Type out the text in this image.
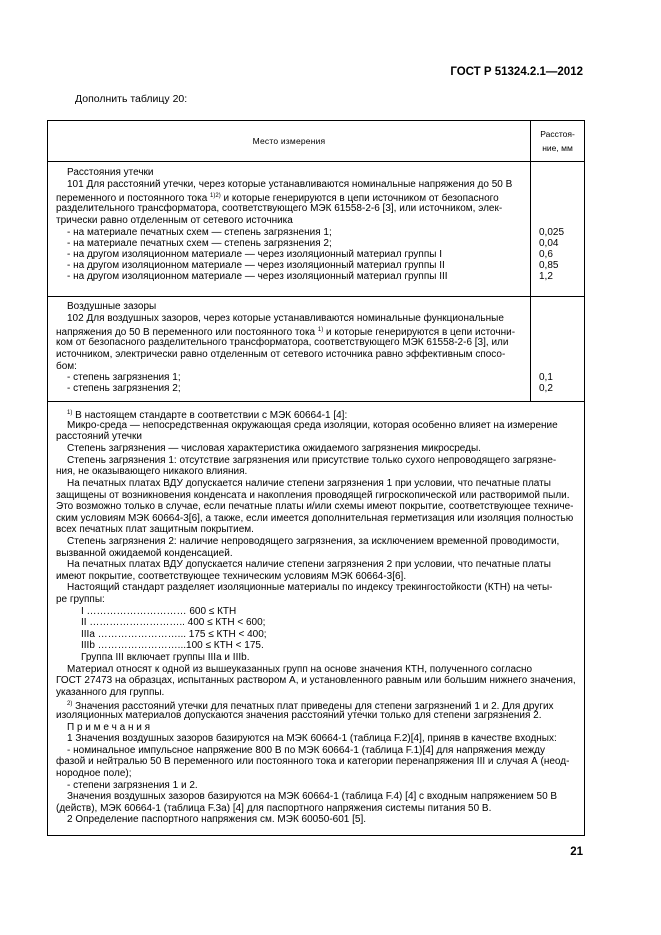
ГОСТ Р 51324.2.1—2012
Дополнить таблицу 20:
Место измерения
Расстоя-
ние, мм
Расстояния утечки
101 Для расстояний утечки, через которые устанавливаются номинальные напряжения до 50 В
переменного и постоянного тока $^{1)2)}$ и которые генерируются в цепи источником от безопасного
разделительного трансформатора, соответствующего МЭК 61558-2-6 [3], или источником, элек-
трически равно отделенным от сетевого источника
- на материале печатных схем — степень загрязнения 1;
- на материале печатных схем — степень загрязнения 2;
- на другом изоляционном материале — через изоляционный материал группы I
- на другом изоляционном материале — через изоляционный материал группы II
- на другом изоляционном материале — через изоляционный материал группы III
0,025
0,04
0,6
0,85
1,2
Воздушные зазоры
102 Для воздушных зазоров, через которые устанавливаются номинальные функциональные
напряжения до 50 В переменного или постоянного тока $^{1)}$ и которые генерируются в цепи источни-
ком от безопасного разделительного трансформатора, соответствующего МЭК 61558-2-6 [3], или
источником, электрически равно отделенным от сетевого источника равно эффективным спосо-
бом:
- степень загрязнения 1;
- степень загрязнения 2;
0,1
0,2
$^{1)}$ В настоящем стандарте в соответствии с МЭК 60664-1 [4]:
Микро-среда — непосредственная окружающая среда изоляции, которая особенно влияет на измерение
расстояний утечки
Степень загрязнения — числовая характеристика ожидаемого загрязнения микросреды.
Степень загрязнения 1: отсутствие загрязнения или присутствие только сухого непроводящего загрязне-
ния, не оказывающего никакого влияния.
На печатных платах ВДУ допускается наличие степени загрязнения 1 при условии, что печатные платы
защищены от возникновения конденсата и накопления проводящей гигроскопической или растворимой пыли.
Это возможно только в случае, если печатные платы и/или схемы имеют покрытие, соответствующее техниче-
ским условиям МЭК 60664-3[6], а также, если имеется дополнительная герметизация или изоляция полностью
всех печатных плат защитным покрытием.
Степень загрязнения 2: наличие непроводящего загрязнения, за исключением временной проводимости,
вызванной ожидаемой конденсацией.
На печатных платах ВДУ допускается наличие степени загрязнения 2 при условии, что печатные платы
имеют покрытие, соответствующее техническим условиям МЭК 60664-3[6].
Настоящий стандарт разделяет изоляционные материалы по индексу трекингостойкости (КТН) на четы-
ре группы:
I ………………………… 600 ≤ КТН
II ……………………….. 400 ≤ КТН < 600;
IIIa ……………………... 175 ≤ КТН < 400;
IIIb ……………………...100 ≤ КТН < 175.
Группа III включает группы IIIa и IIIb.
Материал относят к одной из вышеуказанных групп на основе значения КТН, полученного согласно
ГОСТ 27473 на образцах, испытанных раствором А, и установленного равным или большим нижнего значения,
указанного для группы.
$^{2)}$ Значения расстояний утечки для печатных плат приведены для степени загрязнений 1 и 2. Для других
изоляционных материалов допускаются значения расстояний утечки только для степени загрязнения 2.
П р и м е ч а н и я
1 Значения воздушных зазоров базируются на МЭК 60664-1 (таблица F.2)[4], приняв в качестве входных:
- номинальное импульсное напряжение 800 В по МЭК 60664-1 (таблица F.1)[4] для напряжения между
фазой и нейтралью 50 В переменного или постоянного тока и категории перенапряжения III и случая А (неод-
нородное поле);
- степени загрязнения 1 и 2.
Значения воздушных зазоров базируются на МЭК 60664-1 (таблица F.4) [4] с входным напряжением 50 В
(действ), МЭК 60664-1 (таблица F.3а) [4] для паспортного напряжения системы питания 50 В.
2 Определение паспортного напряжения см. МЭК 60050-601 [5].
21
